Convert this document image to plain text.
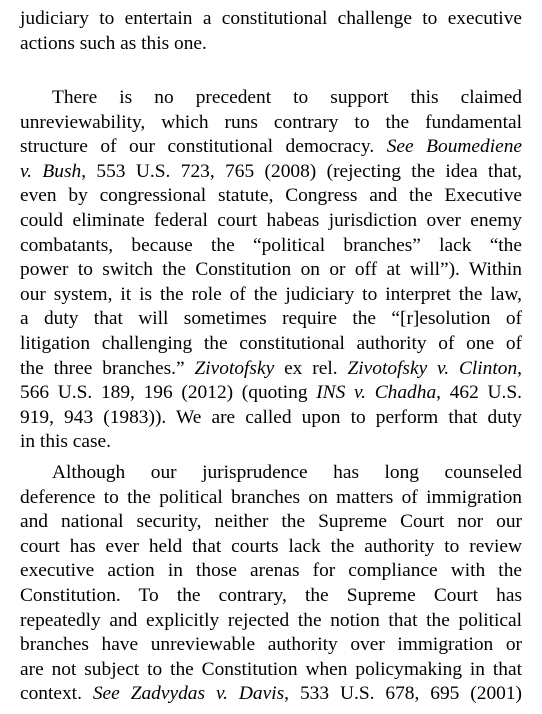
judiciary to entertain a constitutional challenge to executive
actions such as this one.
There is no precedent to support this claimed
unreviewability, which runs contrary to the fundamental
structure of our constitutional democracy. See Boumediene
v. Bush, 553 U.S. 723, 765 (2008) (rejecting the idea that,
even by congressional statute, Congress and the Executive
could eliminate federal court habeas jurisdiction over enemy
combatants, because the “political branches” lack “the
power to switch the Constitution on or off at will”). Within
our system, it is the role of the judiciary to interpret the law,
a duty that will sometimes require the “[r]esolution of
litigation challenging the constitutional authority of one of
the three branches.” Zivotofsky ex rel. Zivotofsky v. Clinton,
566 U.S. 189, 196 (2012) (quoting INS v. Chadha, 462 U.S.
919, 943 (1983)). We are called upon to perform that duty
in this case.
Although our jurisprudence has long counseled
deference to the political branches on matters of immigration
and national security, neither the Supreme Court nor our
court has ever held that courts lack the authority to review
executive action in those arenas for compliance with the
Constitution. To the contrary, the Supreme Court has
repeatedly and explicitly rejected the notion that the political
branches have unreviewable authority over immigration or
are not subject to the Constitution when policymaking in that
context. See Zadvydas v. Davis, 533 U.S. 678, 695 (2001)
